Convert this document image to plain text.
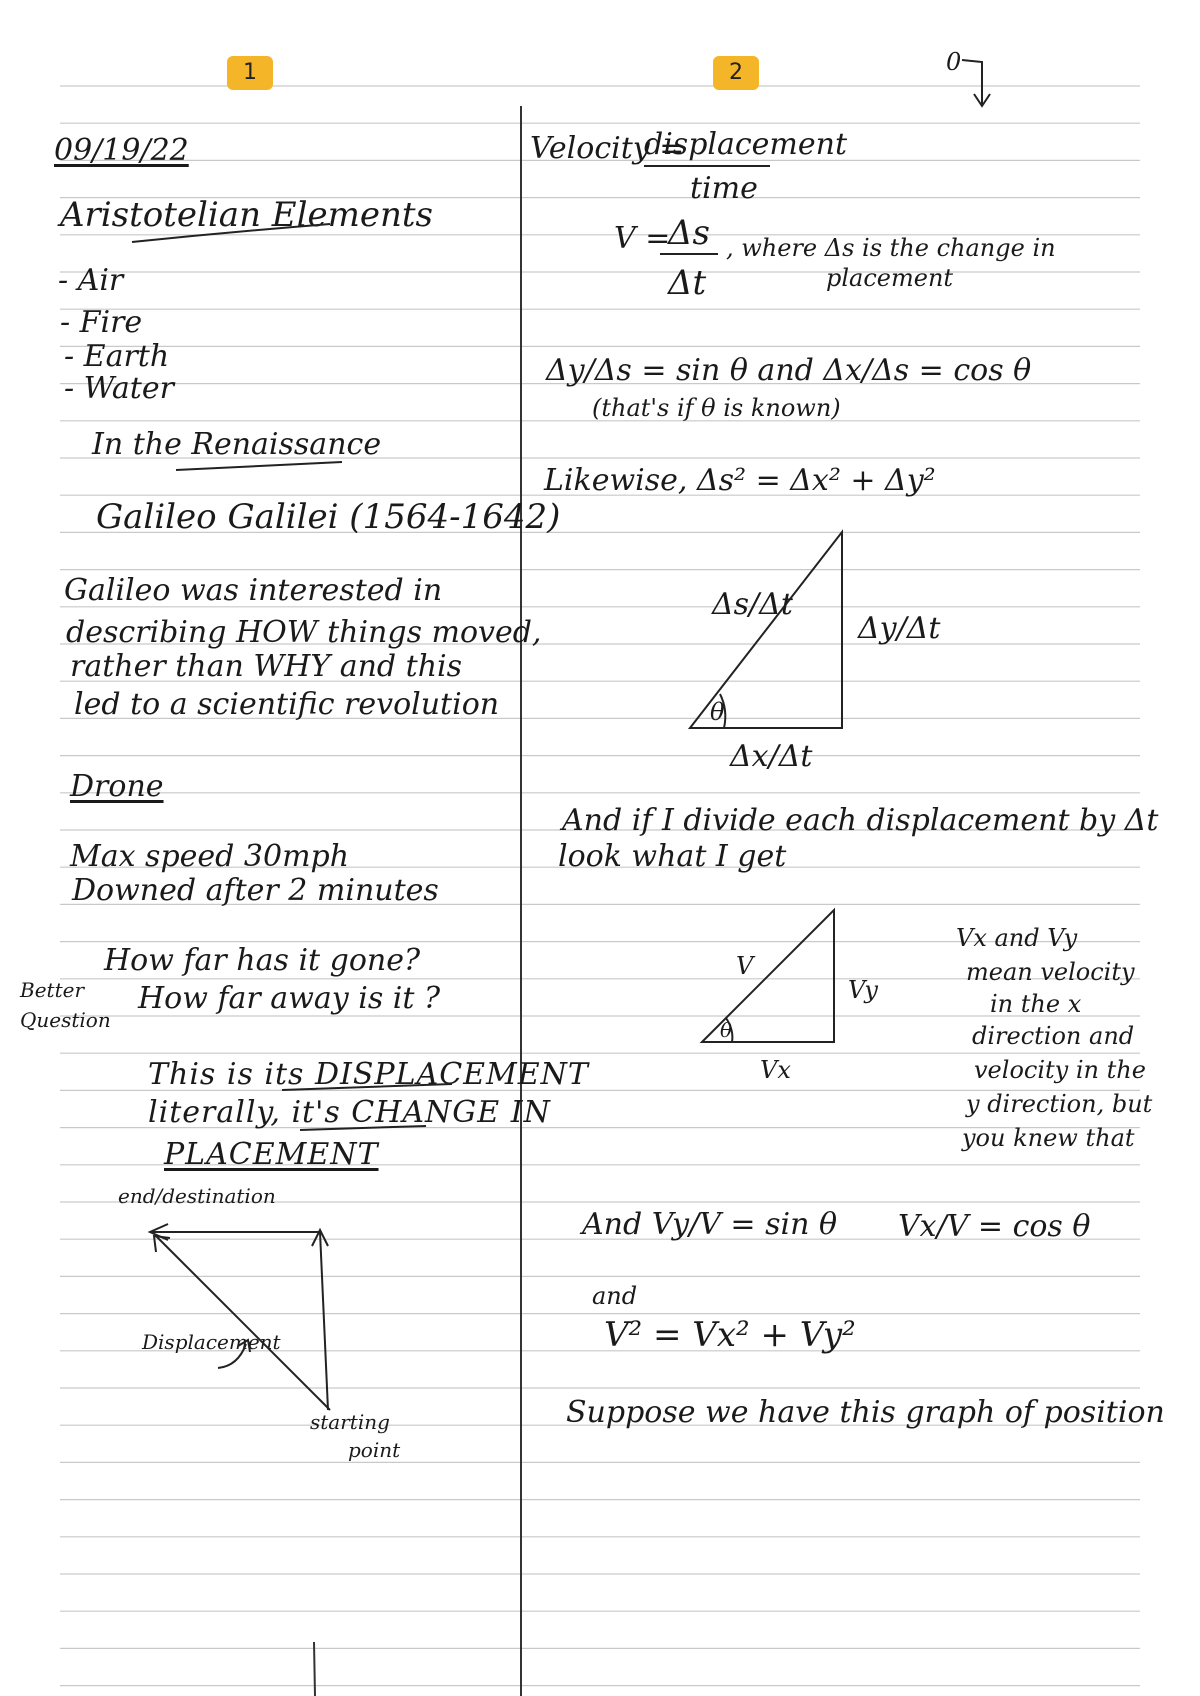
1	2	0
09/19/22
Aristotelian Elements
- Air
- Fire
- Earth
- Water
In the Renaissance
Galileo Galilei (1564-1642)
Galileo was interested in
describing HOW things moved,
rather than WHY and this
led to a scientific revolution
Drone
Max speed 30mph
Downed after 2 minutes
How far has it gone?
Better
Question
How far away is it ?
This is its DISPLACEMENT
literally, it's CHANGE IN
PLACEMENT
end/destination
Displacement
starting
point
Velocity =
displacement
time
V =
Δs
Δt
, where Δs is the change in
placement
Δy/Δs = sin θ and Δx/Δs = cos θ
(that's if θ is known)
Likewise, Δs² = Δx² + Δy²
Δs/Δt
Δy/Δt
Δx/Δt
θ
And if I divide each displacement by Δt
look what I get
V
Vy
Vx
θ
Vx and Vy
mean velocity
in the x
direction and
velocity in the
y direction, but
you knew that
And Vy/V = sin θ Vx/V = cos θ
and
V² = Vx² + Vy²
Suppose we have this graph of position
